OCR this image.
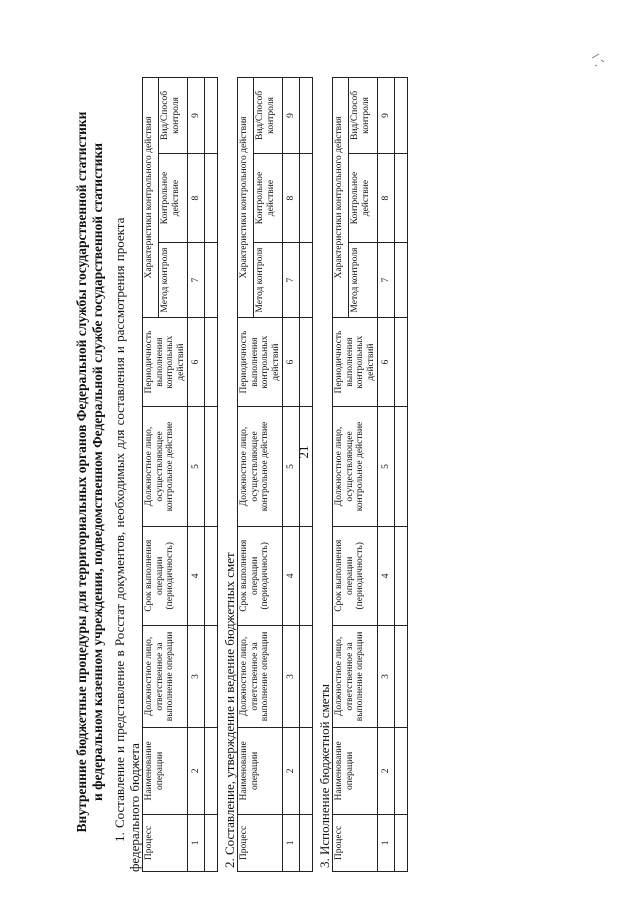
21

Внутренние бюджетные процедуры для территориальных органов Федеральной службы государственной статистики
и федеральном казенном учреждении, подведомственном Федеральной службе государственной статистики 1. Составление и представление в Росстат документов, необходимых для составления и рассмотрения проекта
федерального бюджета Процесс	Наименование операции	Должностное лицо, ответственное за выполнение операции	Срок выполнения операции (периодичность)	Должностное лицо, осуществляющее контрольное действие	Периодичность выполнения контрольных действий	Характеристики контрольного действия		
						Метод контроля	Контрольное действие	Вид/Способ контроля
1	2	3	4	5	6	7	8	9

2. Составление, утверждение и ведение бюджетных смет Процесс	Наименование операции	Должностное лицо, ответственное за выполнение операции	Срок выполнения операции (периодичность)	Должностное лицо, осуществляющее контрольное действие	Периодичность выполнения контрольных действий	Характеристики контрольного действия		
						Метод контроля	Контрольное действие	Вид/Способ контроля
1	2	3	4	5	6	7	8	9

3. Исполнение бюджетной сметы Процесс	Наименование операции	Должностное лицо, ответственное за выполнение операции	Срок выполнения операции (периодичность)	Должностное лицо, осуществляющее контрольное действие	Периодичность выполнения контрольных действий	Характеристики контрольного действия		
						Метод контроля	Контрольное действие	Вид/Способ контроля
1	2	3	4	5	6	7	8	9
